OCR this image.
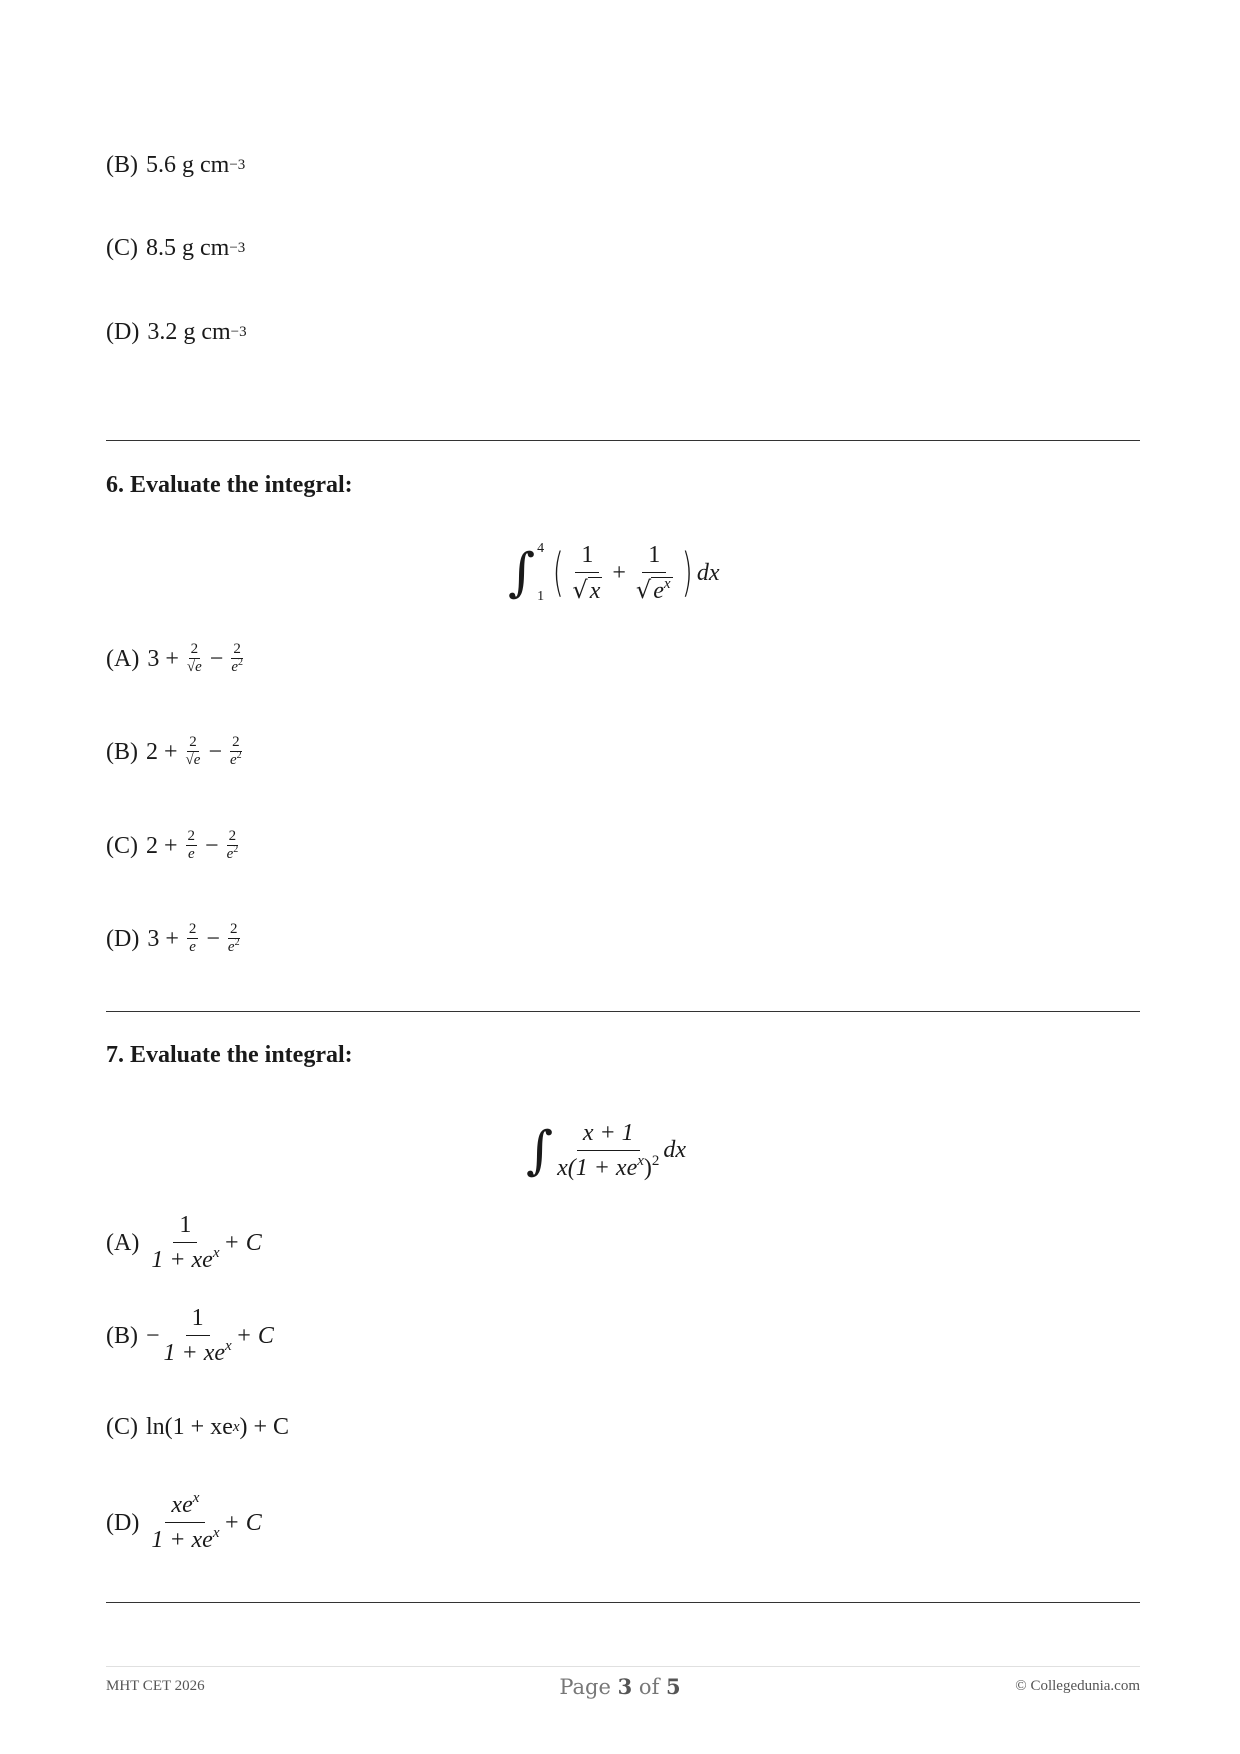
(B) 5.6 g cm −3
(C) 8.5 g cm −3
(D) 3.2 g cm −3
6. Evaluate the integral:
∫ 4
1 ( $\frac{1}{√x} + \frac{1}{√e^x}$ ) dx
(A) $3 + \frac{2}{√e} - \frac{2}{e^2}$
(B) $2 + \frac{2}{√e} - \frac{2}{e^2}$
(C) $2 + \frac{2}{e} - \frac{2}{e^2}$
(D) $3 + \frac{2}{e} - \frac{2}{e^2}$
7. Evaluate the integral:
∫ $\frac{x + 1}{x(1 + xe^x)^2}$ dx
$(A) \frac{1}{1 + xe^x} + C$
$(B) - \frac{1}{1 + xe^x} + C$
(C) ln(1 + xe x ) + C
$(D) \frac{xe^x}{1 + xe^x} + C$
MHT CET 2026	Page 3 of 5	© Collegedunia.com
